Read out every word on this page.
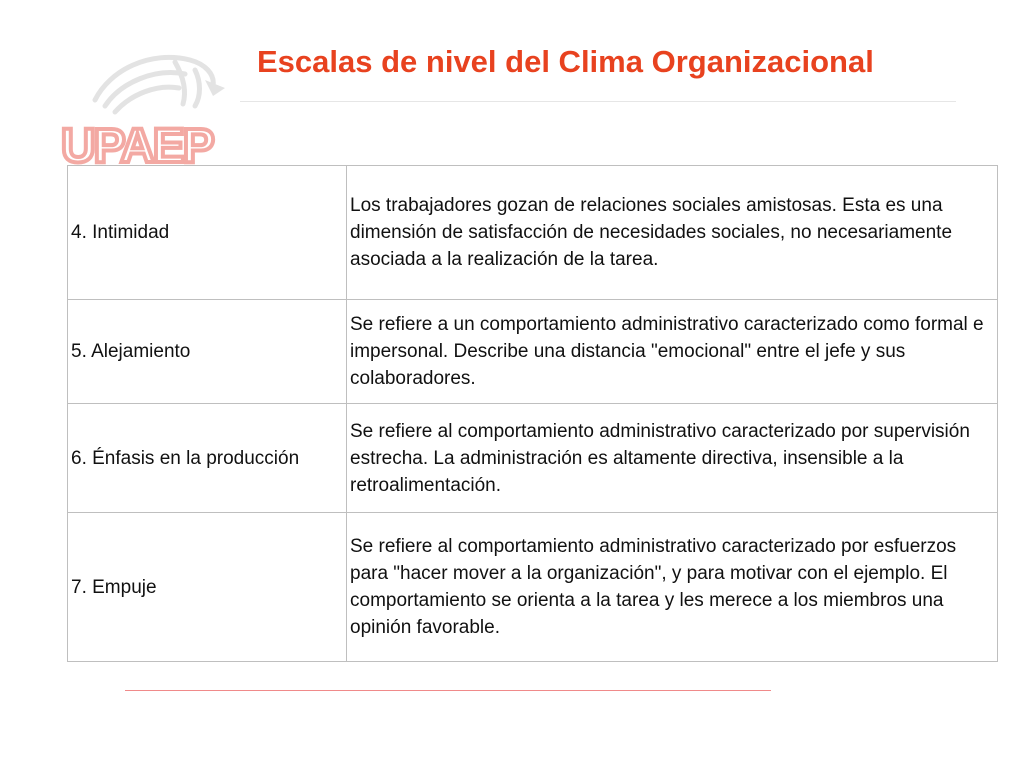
UPAEP
Escalas de nivel del Clima Organizacional
4. Intimidad	Los trabajadores gozan de relaciones sociales amistosas. Esta es una dimensión de satisfacción de necesidades sociales, no necesariamente asociada a la realización de la tarea.
5. Alejamiento	Se refiere a un comportamiento administrativo caracterizado como formal e impersonal. Describe una distancia "emocional" entre el jefe y sus colaboradores.
6. Énfasis en la producción	Se refiere al comportamiento administrativo caracterizado por supervisión estrecha. La administración es altamente directiva, insensible a la retroalimentación.
7. Empuje	Se refiere al comportamiento administrativo caracterizado por esfuerzos para "hacer mover a la organización", y para motivar con el ejemplo. El comportamiento se orienta a la tarea y les merece a los miembros una opinión favorable.
